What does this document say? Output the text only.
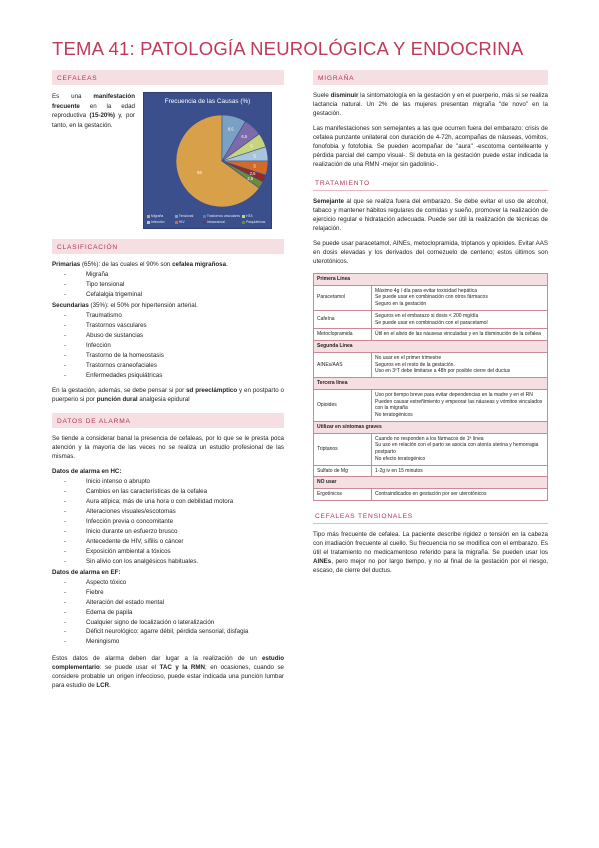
TEMA 41: PATOLOGÍA NEUROLÓGICA Y ENDOCRINA
CEFALEAS
Es una manifestación frecuente en la edad reproductiva (15-20%) y, por tanto, en la gestación.
Frecuencia de las Causas (%)
65
8,5
6,5
5
5
5
2,5
2,5
Migraña	Tensional	Trastornos vasculares HTA
Infección	HIV	Intracraneal	Psiquiátricas
CLASIFICACIÓN
Primarias (65%): de las cuales el 90% son cefalea migrañosa.
- Migraña
- Tipo tensional
- Cefalalgia trigeminal
Secundarias (35%): el 50% por hipertensión arterial.
- Traumatismo
- Trastornos vasculares
- Abuso de sustancias
- Infección
- Trastorno de la homeostasis
- Trastornos craneofaciales
- Enfermedades psiquiátricas

En la gestación, además, se debe pensar si por sd preeclámptico y en postparto o puerperio si por punción dural analgesia epidural

DATOS DE ALARMA

Se tiende a considerar banal la presencia de cefaleas, por lo que se le presta poca atención y la mayoría de las veces no se realiza un estudio profesional de las mismas.

Datos de alarma en HC:
- Inicio intenso o abrupto
- Cambios en las características de la cefalea
- Aura atípica; más de una hora o con debilidad motora
- Alteraciones visuales/escotomas
- Infección previa o concomitante
- Inicio durante un esfuerzo brusco
- Antecedente de HIV, sífilis o cáncer
- Exposición ambiental a tóxicos
- Sin alivio con los analgésicos habituales.
Datos de alarma en EF:
- Aspecto tóxico
- Fiebre
- Alteración del estado mental
- Edema de papila
- Cualquier signo de localización o lateralización
- Déficit neurológico: agarre débil, pérdida sensorial, disfagia
- Meningismo

Estos datos de alarma deben dar lugar a la realización de un estudio complementario: se puede usar el TAC y la RMN; en ocasiones, cuando se considere probable un origen infeccioso, puede estar indicada una punción lumbar para estudio de LCR.

MIGRAÑA

Suele disminuir la sintomatología en la gestación y en el puerperio, más si se realiza lactancia natural. Un 2% de las mujeres presentan migraña "de novo" en la gestación.

Las manifestaciones son semejantes a las que ocurren fuera del embarazo: crisis de cefalea punzante unilateral con duración de 4-72h, acompañas de náuseas, vómitos, fonofobia y fotofobia. Se pueden acompañar de "aura" -escotoma centelleante y pérdida parcial del campo visual-. Si debuta en la gestación puede estar indicada la realización de una RMN -mejor sin gadolinio-.

TRATAMIENTO

Semejante al que se realiza fuera del embarazo. Se debe evitar el uso de alcohol, tabaco y mantener hábitos regulares de comidas y sueño, promover la realización de ejercicio regular e hidratación adecuada. Puede ser útil la realización de técnicas de relajación.

Se puede usar paracetamol, AINEs, metoclopramida, triptanos y opioides. Evitar AAS en dosis elevadas y los derivados del cornezuelo de centeno; estos últimos son uterotónicos.

Primera Línea	
Paracetamol	Máximo 4g / día para evitar toxicidad hepática
Se puede usar en combinación con otros fármacos
Seguro en la gestación

Cafeína	Seguros en el embarazo si dosis < 200 mg/día
Se puede usar en combinación con el paracetamol

Metoclopramida	Útil en el alivio de las náuseas vinculadas y en la disminución de la cefalea

Segunda Línea	
AINEs/AAS	No usar en el primer trimestre
Seguros en el resto de la gestación.
Uso en 3ºT debe limitarse a 48h por posible cierre del ductus

Tercera línea	
Opioides	Uso por tiempo breve para evitar dependencias en la madre y en el RN
Pueden causar estreñimiento y empeorar las náuseas y vómitos vinculados con la migraña
No teratogénicos

Utilizar en síntomas graves	
Triptanos	Cuando no responden a los fármacos de 1ª línea
Su uso en relación con el parto se asocia con atonía uterina y hemorragia postparto
No efecto teratogénico

Sulfato de Mg	1-2g iv en 15 minutos

NO usar	
Ergotínicos	Contraindicados en gestación por ser uterotónicos
CEFALEAS TENSIONALES

Tipo más frecuente de cefalea. La paciente describe rigidez o tensión en la cabeza con irradiación frecuente al cuello. Su frecuencia no se modifica con el embarazo. Es útil el tratamiento no medicamentoso referido para la migraña. Se pueden usar los AINEs, pero mejor no por largo tiempo, y no al final de la gestación por el riesgo, escaso, de cierre del ductus.
